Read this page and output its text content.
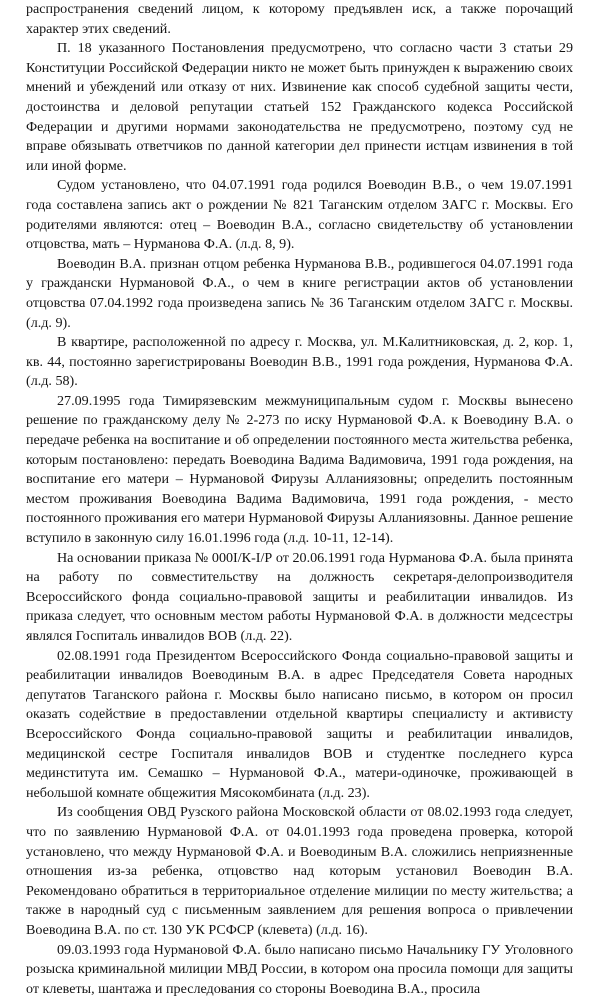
распространения сведений лицом, к которому предъявлен иск, а также порочащий характер этих сведений.

П. 18 указанного Постановления предусмотрено, что согласно части 3 статьи 29 Конституции Российской Федерации никто не может быть принужден к выражению своих мнений и убеждений или отказу от них. Извинение как способ судебной защиты чести, достоинства и деловой репутации статьей 152 Гражданского кодекса Российской Федерации и другими нормами законодательства не предусмотрено, поэтому суд не вправе обязывать ответчиков по данной категории дел принести истцам извинения в той или иной форме.

Судом установлено, что 04.07.1991 года родился Воеводин В.В., о чем 19.07.1991 года составлена запись акт о рождении № 821 Таганским отделом ЗАГС г. Москвы. Его родителями являются: отец – Воеводин В.А., согласно свидетельству об установлении отцовства, мать – Нурманова Ф.А. (л.д. 8, 9).

Воеводин В.А. признан отцом ребенка Нурманова В.В., родившегося 04.07.1991 года у граждански Нурмановой Ф.А., о чем в книге регистрации актов об установлении отцовства 07.04.1992 года произведена запись № 36 Таганским отделом ЗАГС г. Москвы. (л.д. 9).

В квартире, расположенной по адресу г. Москва, ул. М.Калитниковская, д. 2, кор. 1, кв. 44, постоянно зарегистрированы Воеводин В.В., 1991 года рождения, Нурманова Ф.А. (л.д. 58).

27.09.1995 года Тимирязевским межмуниципальным судом г. Москвы вынесено решение по гражданскому делу № 2-273 по иску Нурмановой Ф.А. к Воеводину В.А. о передаче ребенка на воспитание и об определении постоянного места жительства ребенка, которым постановлено: передать Воеводина Вадима Вадимовича, 1991 года рождения, на воспитание его матери – Нурмановой Фирузы Алланиязовны; определить постоянным местом проживания Воеводина Вадима Вадимовича, 1991 года рождения, - место постоянного проживания его матери Нурмановой Фирузы Алланиязовны. Данное решение вступило в законную силу 16.01.1996 года (л.д. 10-11, 12-14).

На основании приказа № 000I/К-I/Р от 20.06.1991 года Нурманова Ф.А. была принята на работу по совместительству на должность секретаря-делопроизводителя Всероссийского фонда социально-правовой защиты и реабилитации инвалидов. Из приказа следует, что основным местом работы Нурмановой Ф.А. в должности медсестры являлся Госпиталь инвалидов ВОВ (л.д. 22).

02.08.1991 года Президентом Всероссийского Фонда социально-правовой защиты и реабилитации инвалидов Воеводиным В.А. в адрес Председателя Совета народных депутатов Таганского района г. Москвы было написано письмо, в котором он просил оказать содействие в предоставлении отдельной квартиры специалисту и активисту Всероссийского Фонда социально-правовой защиты и реабилитации инвалидов, медицинской сестре Госпиталя инвалидов ВОВ и студентке последнего курса мединститута им. Семашко – Нурмановой Ф.А., матери-одиночке, проживающей в небольшой комнате общежития Мясокомбината (л.д. 23).

Из сообщения ОВД Рузского района Московской области от 08.02.1993 года следует, что по заявлению Нурмановой Ф.А. от 04.01.1993 года проведена проверка, которой установлено, что между Нурмановой Ф.А. и Воеводиным В.А. сложились неприязненные отношения из-за ребенка, отцовство над которым установил Воеводин В.А. Рекомендовано обратиться в территориальное отделение милиции по месту жительства; а также в народный суд с письменным заявлением для решения вопроса о привлечении Воеводина В.А. по ст. 130 УК РСФСР (клевета) (л.д. 16).

09.03.1993 года Нурмановой Ф.А. было написано письмо Начальнику ГУ Уголовного розыска криминальной милиции МВД России, в котором она просила помощи для защиты от клеветы, шантажа и преследования со стороны Воеводина В.А., просила
